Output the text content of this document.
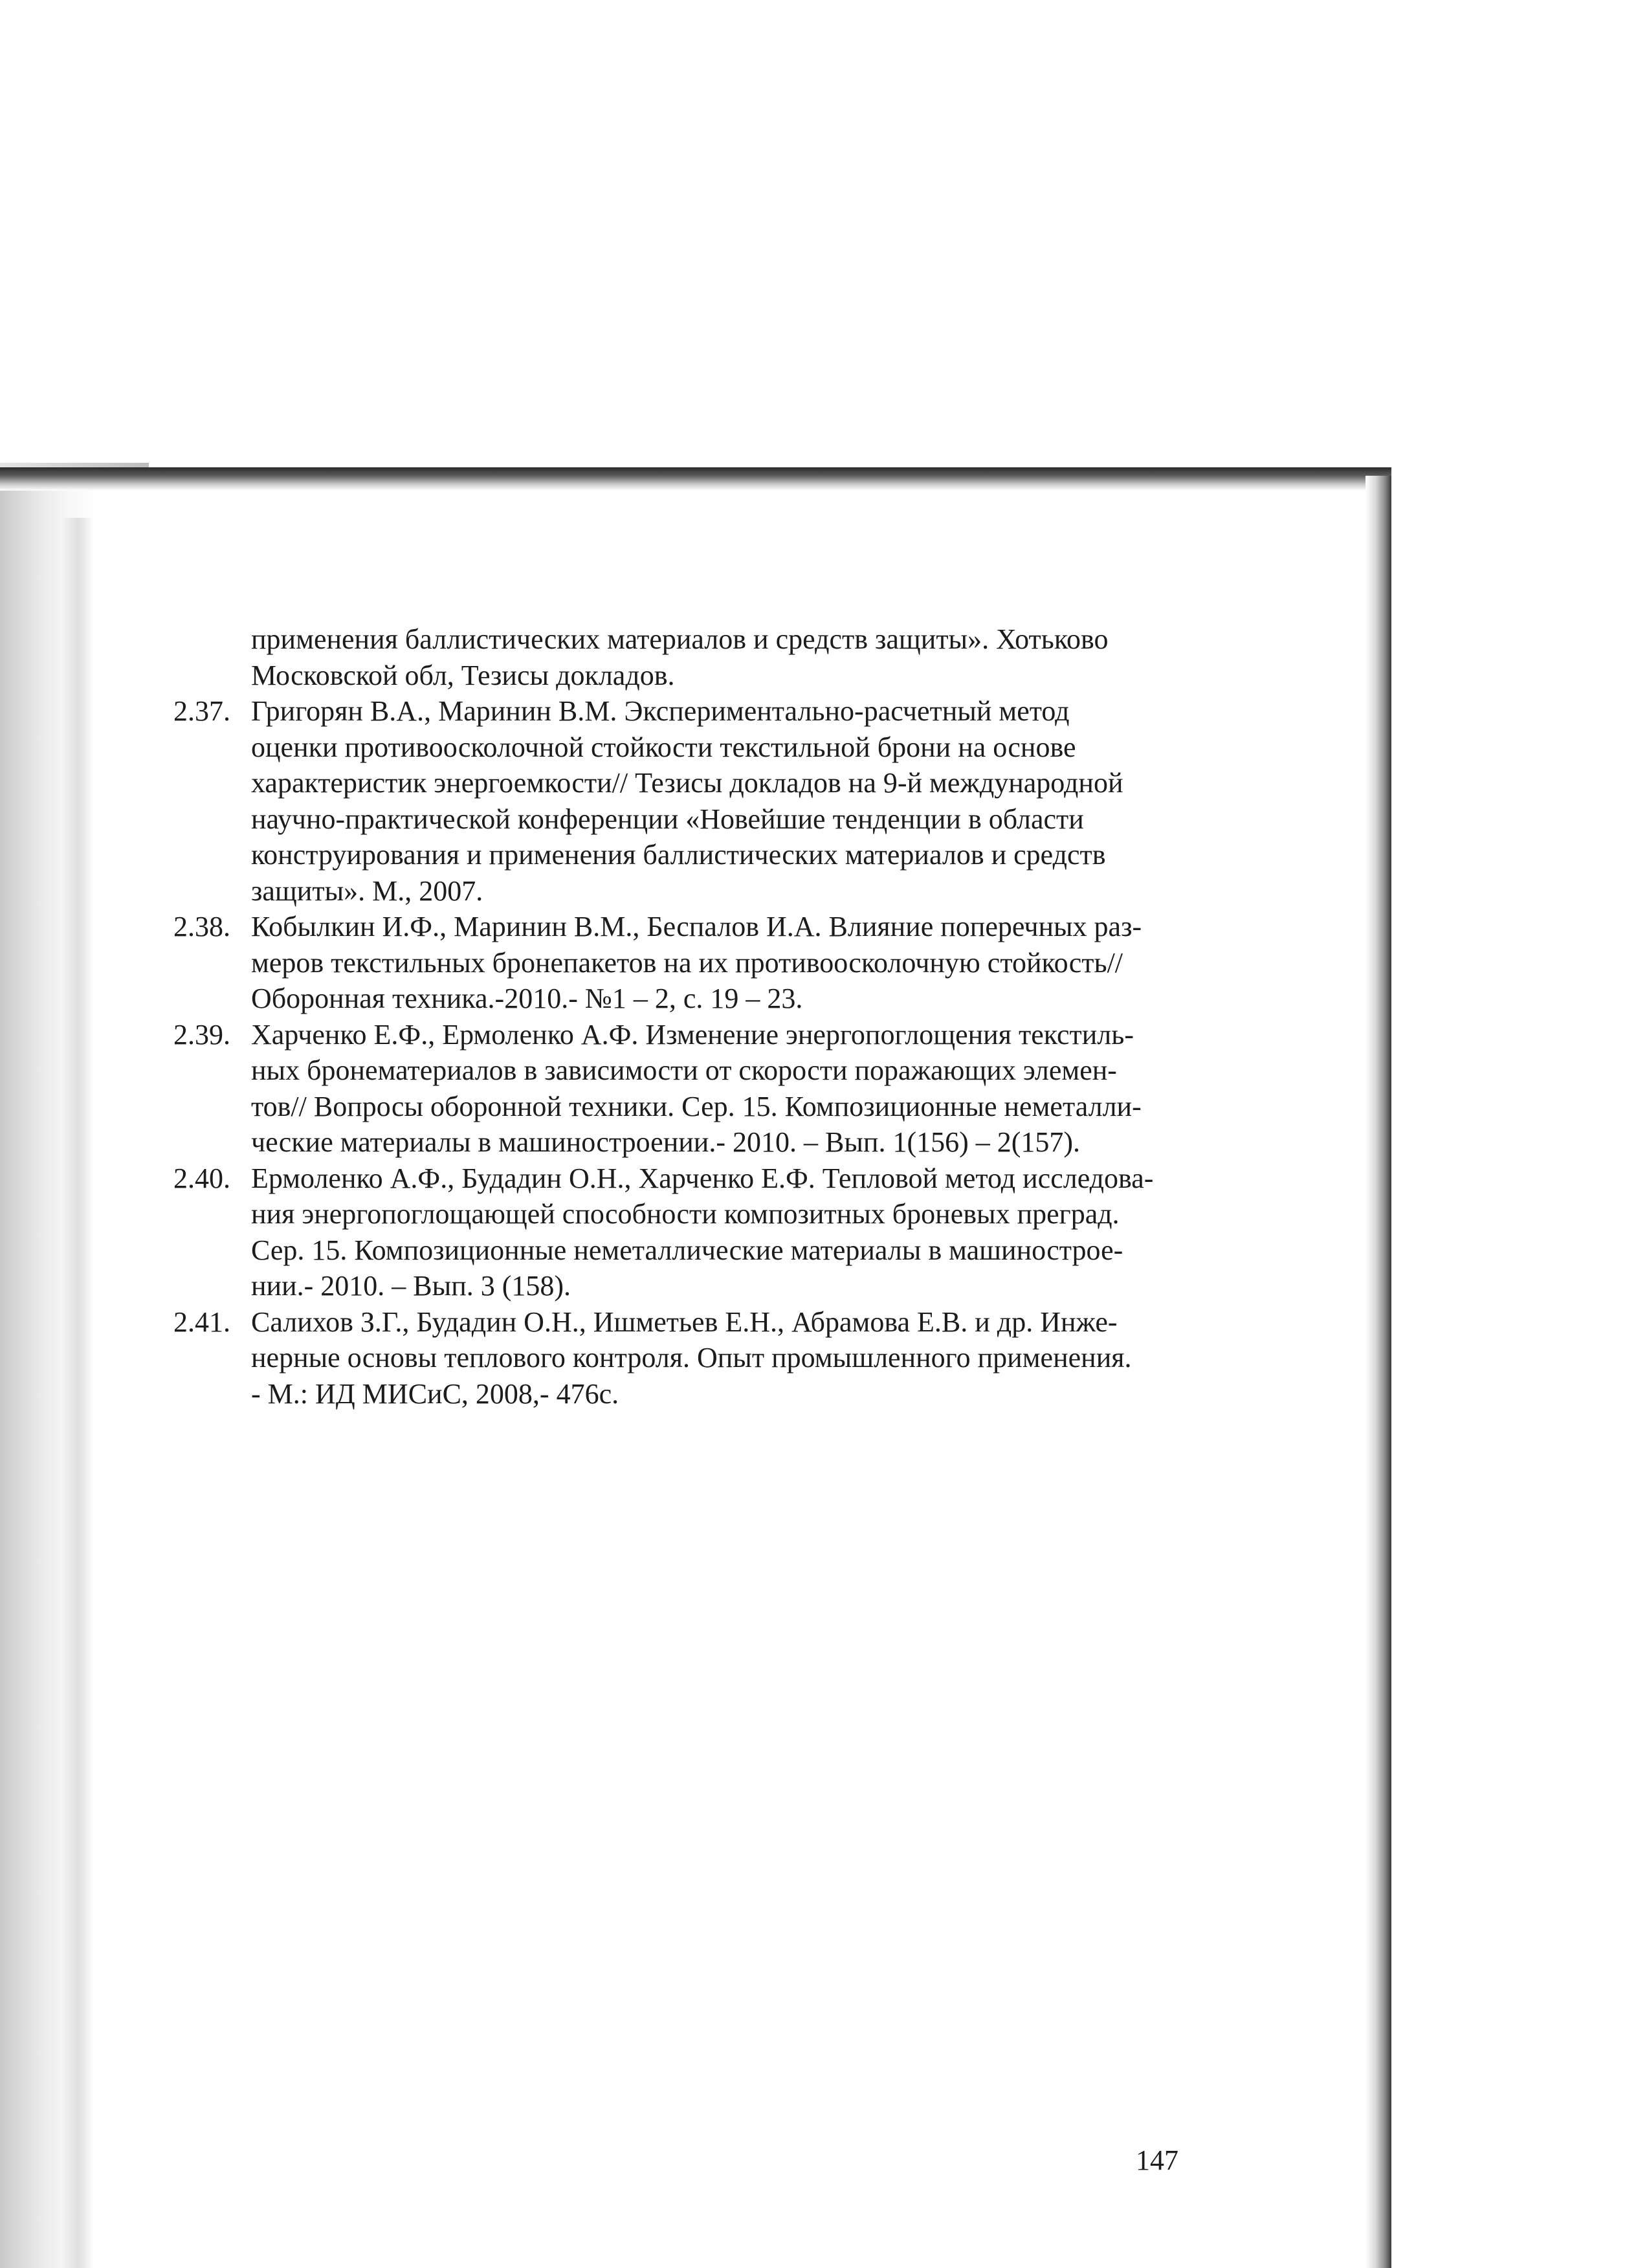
применения баллистических материалов и средств защиты». Хотьково
Московской обл, Тезисы докладов.
2.37. Григорян В.А., Маринин В.М. Экспериментально-расчетный метод
оценки противоосколочной стойкости текстильной брони на основе
характеристик энергоемкости// Тезисы докладов на 9-й международной
научно-практической конференции «Новейшие тенденции в области
конструирования и применения баллистических материалов и средств
защиты». М., 2007.
2.38. Кобылкин И.Ф., Маринин В.М., Беспалов И.А. Влияние поперечных раз-
меров текстильных бронепакетов на их противоосколочную стойкость//
Оборонная техника.-2010.- №1 – 2, с. 19 – 23.
2.39. Харченко Е.Ф., Ермоленко А.Ф. Изменение энергопоглощения текстиль-
ных бронематериалов в зависимости от скорости поражающих элемен-
тов// Вопросы оборонной техники. Сер. 15. Композиционные неметалли-
ческие материалы в машиностроении.- 2010. – Вып. 1(156) – 2(157).
2.40. Ермоленко А.Ф., Будадин О.Н., Харченко Е.Ф. Тепловой метод исследова-
ния энергопоглощающей способности композитных броневых преград.
Сер. 15. Композиционные неметаллические материалы в машинострое-
нии.- 2010. – Вып. 3 (158).
2.41. Салихов З.Г., Будадин О.Н., Ишметьев Е.Н., Абрамова Е.В. и др. Инже-
нерные основы теплового контроля. Опыт промышленного применения.
- М.: ИД МИСиС, 2008,- 476с.
147
